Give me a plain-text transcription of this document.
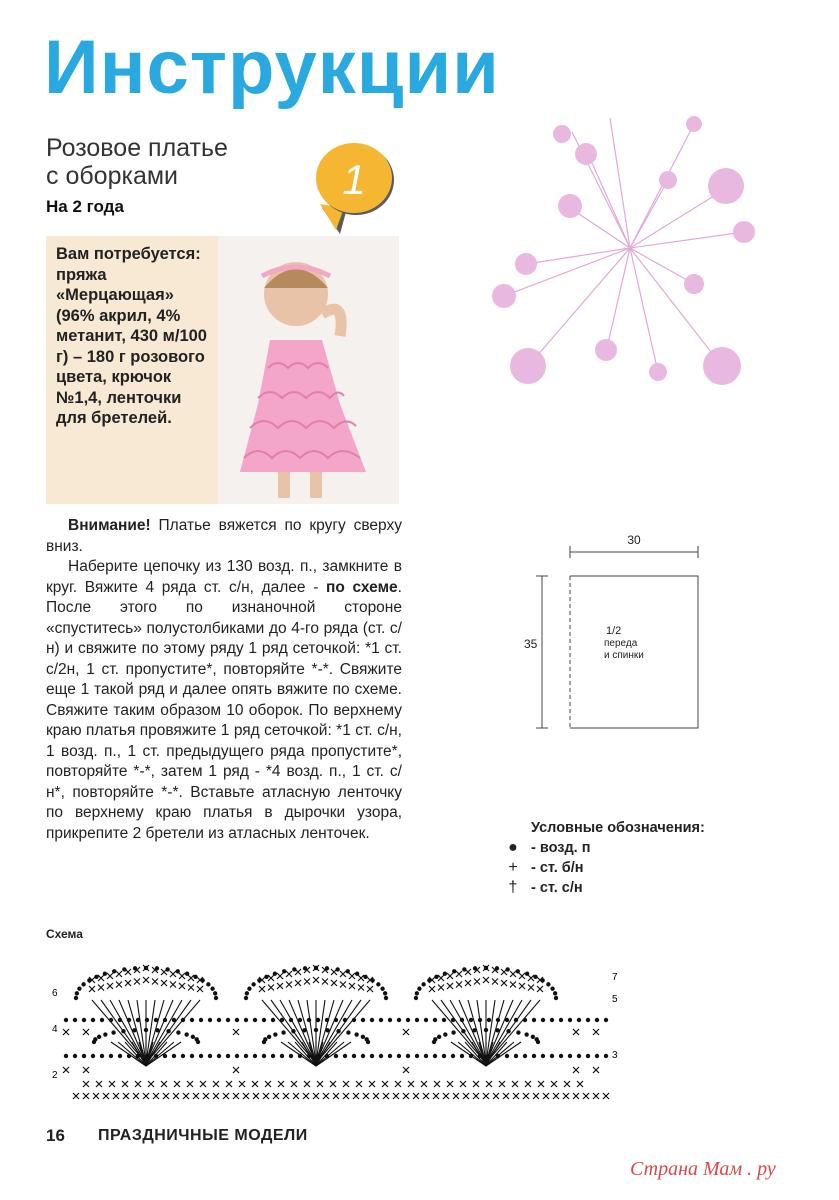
Инструкции
Розовое платье
с оборками
На 2 года
1
Вам потребуется: пряжа «Мерцающая» (96% акрил, 4% метанит, 430 м/100 г) – 180 г розового цвета, крючок №1,4, ленточки для бретелей.

Внимание! Платье вяжется по кругу сверху вниз.

Наберите цепочку из 130 возд. п., замкните в круг. Вяжите 4 ряда ст. с/н, далее - по схеме. После этого по изнаночной стороне «спуститесь» полустолбиками до 4-го ряда (ст. с/н) и свяжите по этому ряду 1 ряд сеточкой: *1 ст. с/2н, 1 ст. пропустите*, повторяйте *-*. Свяжите еще 1 такой ряд и далее опять вяжите по схеме. Свяжите таким образом 10 оборок. По верхнему краю платья провяжите 1 ряд сеточкой: *1 ст. с/н, 1 возд. п., 1 ст. предыдущего ряда пропустите*, повторяйте *-*, затем 1 ряд - *4 возд. п., 1 ст. с/н*, повторяйте *-*. Вставьте атласную ленточку по верхнему краю платья в дырочки узора, прикрепите 2 бретели из атласных ленточек.

30
35
1/2
переда
и спинки
Условные обозначения:
● - возд. п
+ - ст. б/н
† - ст. с/н
Схема
6
4
2
7
5
3
16 ПРАЗДНИЧНЫЕ МОДЕЛИ
Страна Мам . ру
